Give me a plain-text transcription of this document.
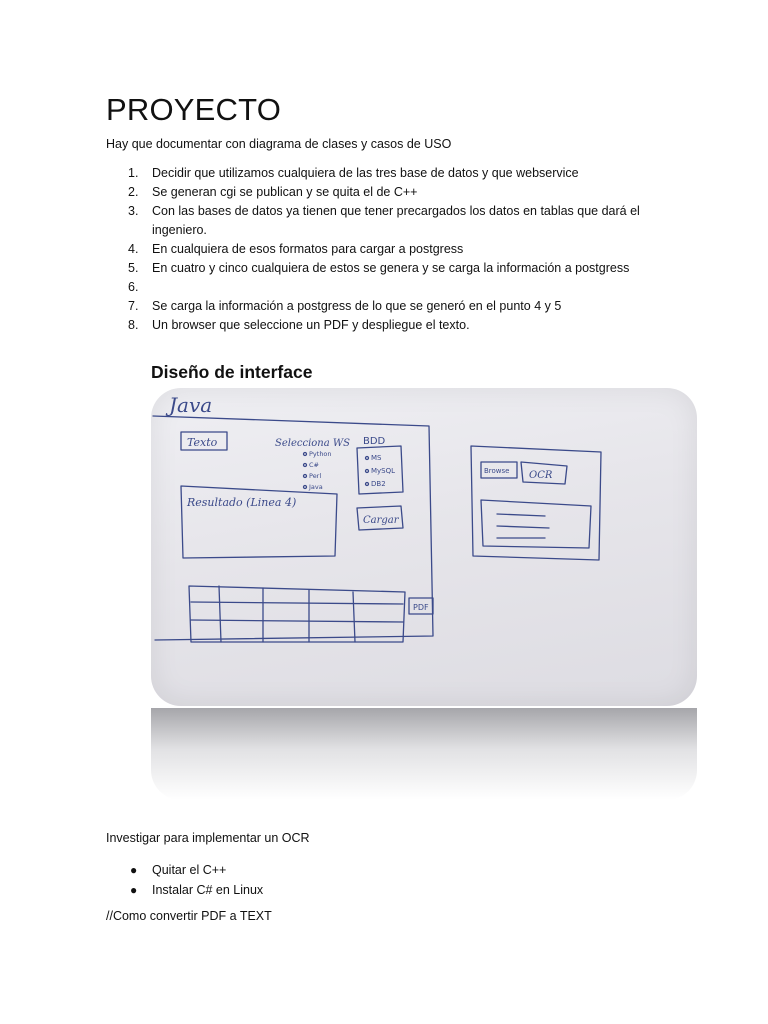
PROYECTO
Hay que documentar con diagrama de clases y casos de USO
1.	Decidir que utilizamos cualquiera de las tres base de datos y que webservice
2.	Se generan cgi se publican y se quita el de C++
3.	Con las bases de datos ya tienen que tener precargados los datos en tablas que dará el ingeniero.
4.	En cualquiera de esos formatos para cargar a postgress
5.	En cuatro y cinco cualquiera de estos se genera y se carga la información a postgress
6.

7.	Se carga la información a postgress de lo que se generó en el punto 4 y 5
8.	Un browser que seleccione un PDF y despliegue el texto.
Diseño de interface
Java
Texto	Selecciona WS
Python
C#
Perl
Java
BDD
MS
MySQL
DB2
Resultado (Linea 4)
Cargar
PDF
Browse OCR
Investigar para implementar un OCR
● Quitar el C++
● Instalar C# en Linux
//Como convertir PDF a TEXT
